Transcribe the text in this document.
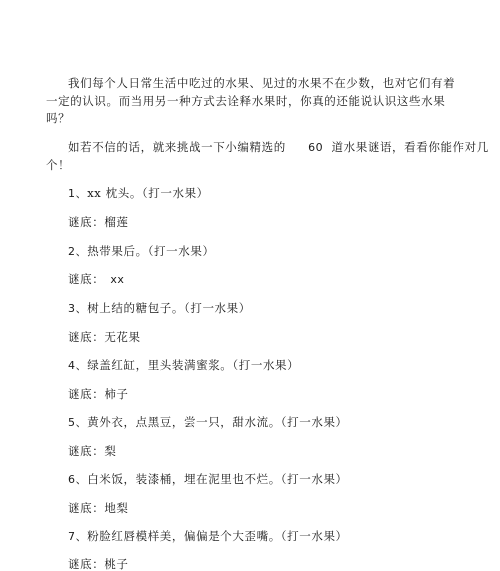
我们每个人日常生活中吃过的水果、见过的水果不在少数，也对它们有着
一定的认识。而当用另一种方式去诠释水果时，你真的还能说认识这些水果
吗？
如若不信的话，就来挑战一下小编精选的 60 道水果谜语，看看你能作对几
个！
1、xx 枕头。（打一水果）
谜底：榴莲
2、热带果后。（打一水果）
谜底： xx
3、树上结的糖包子。（打一水果）
谜底：无花果
4、绿盖红缸，里头装满蜜浆。（打一水果）
谜底：柿子
5、黄外衣，点黑豆，尝一只，甜水流。（打一水果）
谜底：梨
6、白米饭，装漆桶，埋在泥里也不烂。（打一水果）
谜底：地梨
7、粉脸红唇模样美，偏偏是个大歪嘴。（打一水果）
谜底：桃子
